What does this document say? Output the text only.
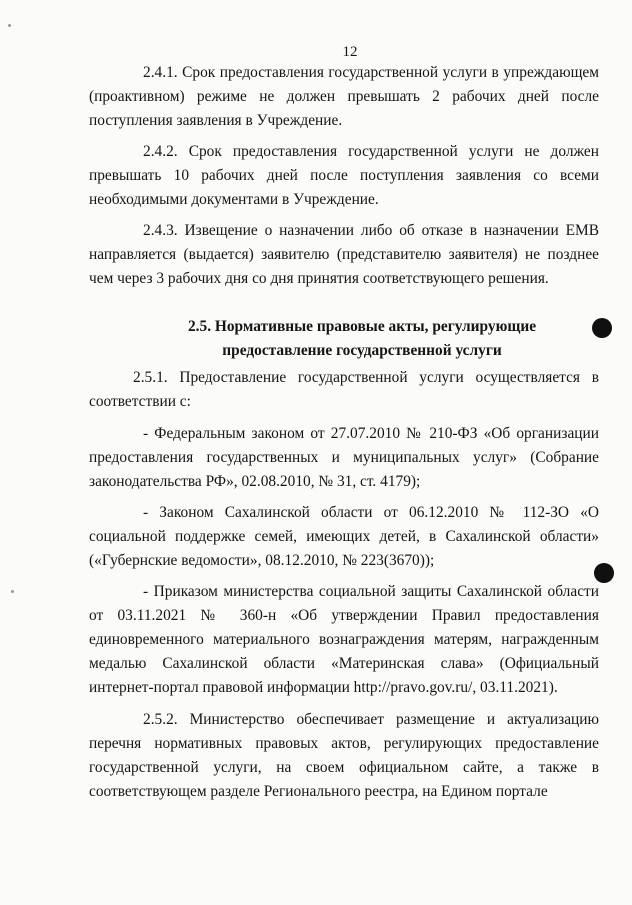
12

2.4.1. Срок предоставления государственной услуги в упреждающем (проактивном) режиме не должен превышать 2 рабочих дней после поступления заявления в Учреждение.

2.4.2. Срок предоставления государственной услуги не должен превышать 10 рабочих дней после поступления заявления со всеми необходимыми документами в Учреждение.

2.4.3. Извещение о назначении либо об отказе в назначении ЕМВ направляется (выдается) заявителю (представителю заявителя) не позднее чем через 3 рабочих дня со дня принятия соответствующего решения.

2.5. Нормативные правовые акты, регулирующие

предоставление государственной услуги

2.5.1. Предоставление государственной услуги осуществляется в соответствии с:

- Федеральным законом от 27.07.2010 № 210-ФЗ «Об организации предоставления государственных и муниципальных услуг» (Собрание законодательства РФ», 02.08.2010, № 31, ст. 4179);

- Законом Сахалинской области от 06.12.2010 № 112-ЗО «О социальной поддержке семей, имеющих детей, в Сахалинской области» («Губернские ведомости», 08.12.2010, № 223(3670));

- Приказом министерства социальной защиты Сахалинской области от 03.11.2021 № 360-н «Об утверждении Правил предоставления единовременного материального вознаграждения матерям, награжденным медалью Сахалинской области «Материнская слава» (Официальный интернет-портал правовой информации http://pravo.gov.ru/, 03.11.2021).

2.5.2. Министерство обеспечивает размещение и актуализацию перечня нормативных правовых актов, регулирующих предоставление государственной услуги, на своем официальном сайте, а также в соответствующем разделе Регионального реестра, на Едином портале
